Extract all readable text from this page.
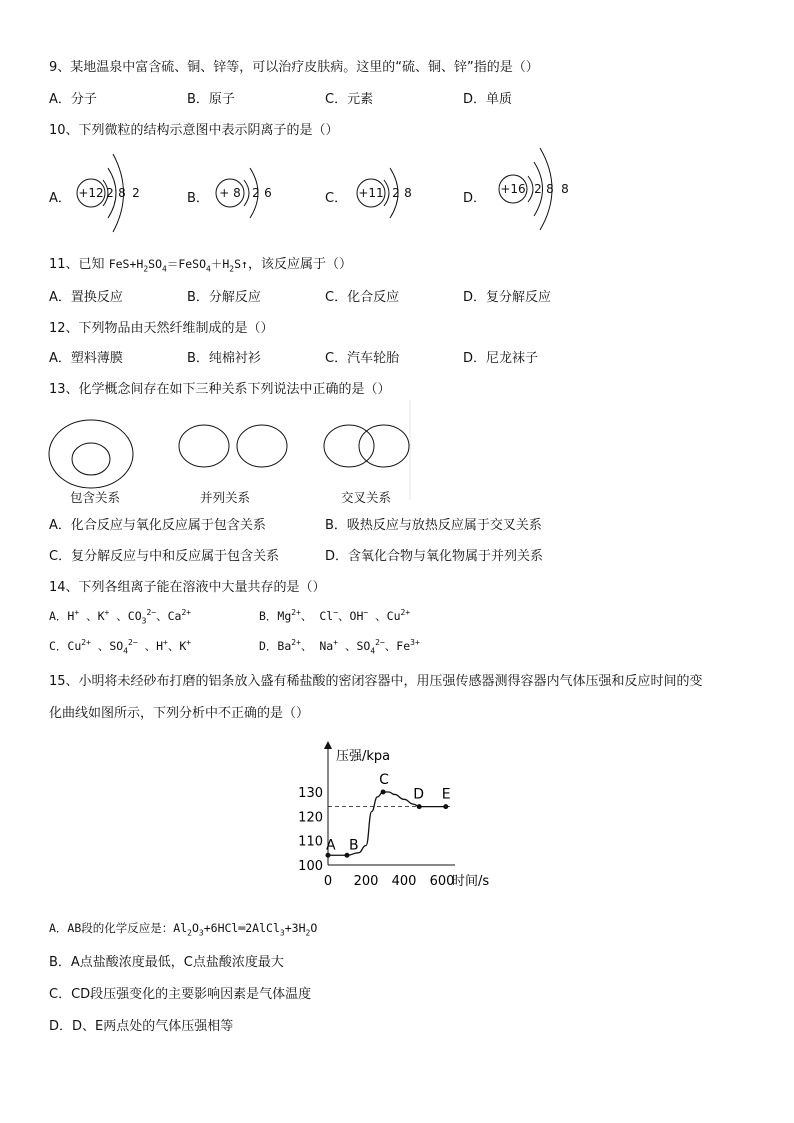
9、某地温泉中富含硫、铜、锌等，可以治疗皮肤病。这里的“硫、铜、锌”指的是（）
A．分子	B．原子	C．元素	D．单质
10、下列微粒的结构示意图中表示阴离子的是（）
A．	B．	C．	D．
+12 2 8 2	+ 8 2 6	+11 2 8	+16 2 8 8
11、已知 $FeS+H_2SO_4=FeSO_4+H_2S↑$，该反应属于（）
A．置换反应	B．分解反应	C．化合反应	D．复分解反应
12、下列物品由天然纤维制成的是（）
A．塑料薄膜	B．纯棉衬衫	C．汽车轮胎	D．尼龙袜子
13、化学概念间存在如下三种关系下列说法中正确的是（）
包含关系	并列关系	交叉关系
A．化合反应与氧化反应属于包含关系	B．吸热反应与放热反应属于交叉关系
C．复分解反应与中和反应属于包含关系	D．含氧化合物与氧化物属于并列关系
14、下列各组离子能在溶液中大量共存的是（）
A．H+ 、K+ 、$CO_3^{2-}$、$Ca^{2+}$	B．$Mg^{2+}$、 Cl−、OH− 、$Cu^{2+}$
C．$Cu^{2+}$ 、$SO_4^{2-}$ 、H+、K+	D．$Ba^{2+}$、 Na+ 、$SO_4^{2-}$、$Fe^{3+}$
15、小明将未经砂布打磨的铝条放入盛有稀盐酸的密闭容器中，用压强传感器测得容器内气体压强和反应时间的变
化曲线如图所示，下列分析中不正确的是（）
压强/kpa
时间/s
100
110
120
130
0 200 400 600
A B
C
D E
A．AB段的化学反应是：$Al_2O_3+6HCl═2AlCl_3+3H_2O$
B．A点盐酸浓度最低，C点盐酸浓度最大
C．CD段压强变化的主要影响因素是气体温度
D．D、E两点处的气体压强相等
